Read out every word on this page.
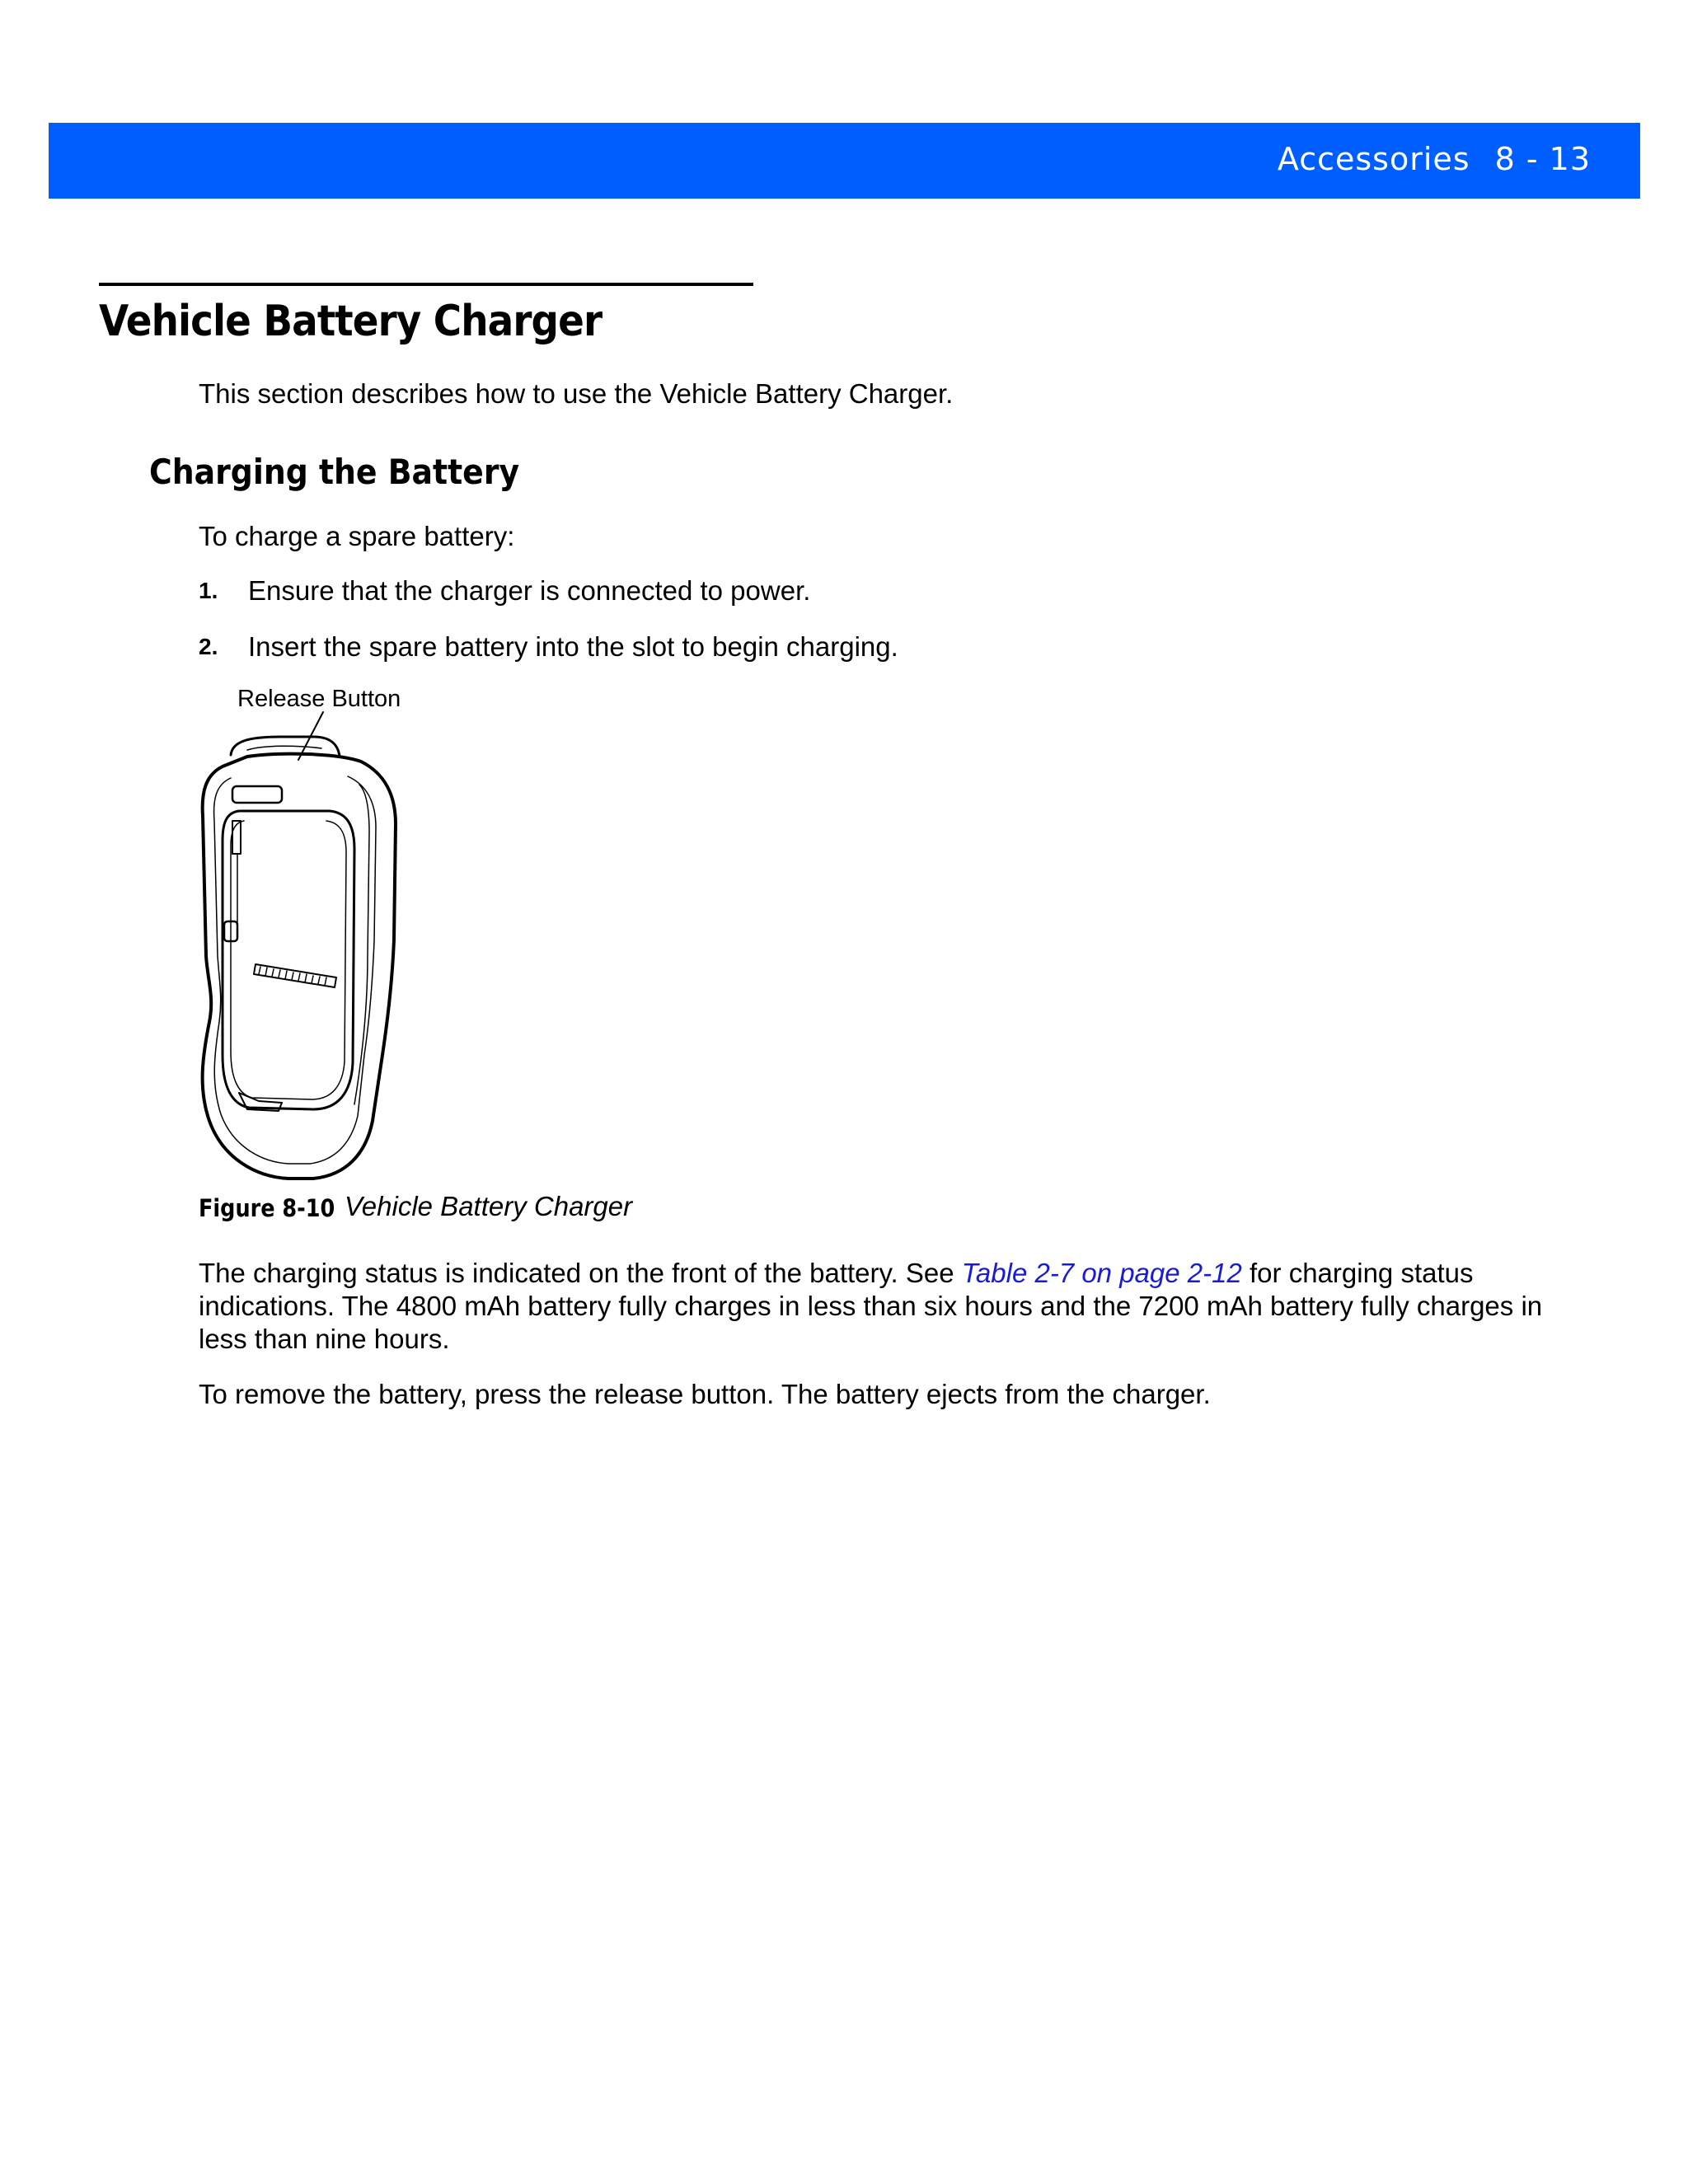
Accessories 8 - 13
Vehicle Battery Charger
This section describes how to use the Vehicle Battery Charger.
Charging the Battery
To charge a spare battery:
1. Ensure that the charger is connected to power.
2. Insert the spare battery into the slot to begin charging.
Release Button
Figure 8-10 Vehicle Battery Charger
The charging status is indicated on the front of the battery. See Table 2-7 on page 2-12 for charging status indications. The 4800 mAh battery fully charges in less than six hours and the 7200 mAh battery fully charges in less than nine hours.
To remove the battery, press the release button. The battery ejects from the charger.
